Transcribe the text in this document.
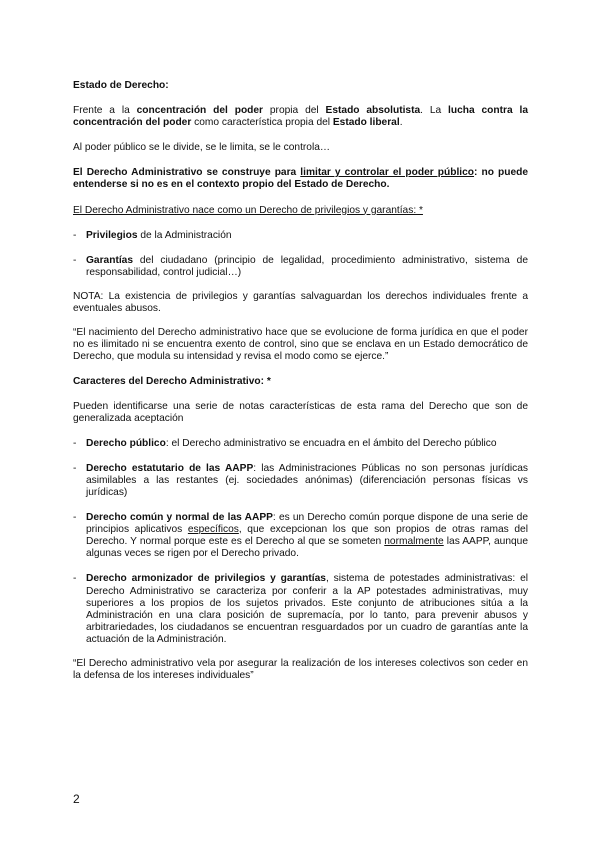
Estado de Derecho:

Frente a la concentración del poder propia del Estado absolutista. La lucha contra la concentración del poder como característica propia del Estado liberal.

Al poder público se le divide, se le limita, se le controla…

El Derecho Administrativo se construye para limitar y controlar el poder público: no puede entenderse si no es en el contexto propio del Estado de Derecho.

El Derecho Administrativo nace como un Derecho de privilegios y garantías: *

- Privilegios de la Administración
- Garantías del ciudadano (principio de legalidad, procedimiento administrativo, sistema de responsabilidad, control judicial…)

NOTA: La existencia de privilegios y garantías salvaguardan los derechos individuales frente a eventuales abusos.

“El nacimiento del Derecho administrativo hace que se evolucione de forma jurídica en que el poder no es ilimitado ni se encuentra exento de control, sino que se enclava en un Estado democrático de Derecho, que modula su intensidad y revisa el modo como se ejerce.”

Caracteres del Derecho Administrativo: *

Pueden identificarse una serie de notas características de esta rama del Derecho que son de generalizada aceptación

- Derecho público: el Derecho administrativo se encuadra en el ámbito del Derecho público
- Derecho estatutario de las AAPP: las Administraciones Públicas no son personas jurídicas asimilables a las restantes (ej. sociedades anónimas) (diferenciación personas físicas vs jurídicas)
- Derecho común y normal de las AAPP: es un Derecho común porque dispone de una serie de principios aplicativos específicos, que excepcionan los que son propios de otras ramas del Derecho. Y normal porque este es el Derecho al que se someten normalmente las AAPP, aunque algunas veces se rigen por el Derecho privado.
- Derecho armonizador de privilegios y garantías, sistema de potestades administrativas: el Derecho Administrativo se caracteriza por conferir a la AP potestades administrativas, muy superiores a los propios de los sujetos privados. Este conjunto de atribuciones sitúa a la Administración en una clara posición de supremacía, por lo tanto, para prevenir abusos y arbitrariedades, los ciudadanos se encuentran resguardados por un cuadro de garantías ante la actuación de la Administración.

“El Derecho administrativo vela por asegurar la realización de los intereses colectivos son ceder en la defensa de los intereses individuales”

2
